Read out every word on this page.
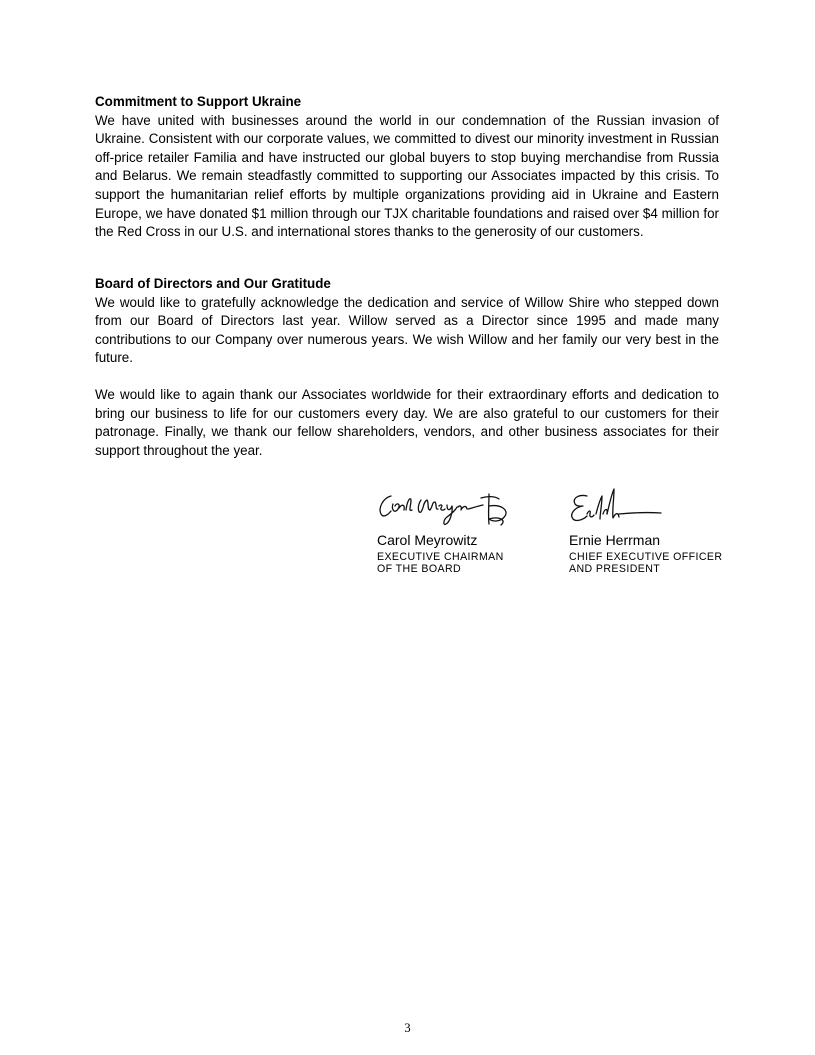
Commitment to Support Ukraine

We have united with businesses around the world in our condemnation of the Russian invasion of Ukraine. Consistent with our corporate values, we committed to divest our minority investment in Russian off-price retailer Familia and have instructed our global buyers to stop buying merchandise from Russia and Belarus. We remain steadfastly committed to supporting our Associates impacted by this crisis. To support the humanitarian relief efforts by multiple organizations providing aid in Ukraine and Eastern Europe, we have donated $1 million through our TJX charitable foundations and raised over $4 million for the Red Cross in our U.S. and international stores thanks to the generosity of our customers.

Board of Directors and Our Gratitude

We would like to gratefully acknowledge the dedication and service of Willow Shire who stepped down from our Board of Directors last year. Willow served as a Director since 1995 and made many contributions to our Company over numerous years. We wish Willow and her family our very best in the future.

We would like to again thank our Associates worldwide for their extraordinary efforts and dedication to bring our business to life for our customers every day. We are also grateful to our customers for their patronage. Finally, we thank our fellow shareholders, vendors, and other business associates for their support throughout the year.

Carol Meyrowitz
EXECUTIVE CHAIRMAN
OF THE BOARD
Ernie Herrman
CHIEF EXECUTIVE OFFICER
AND PRESIDENT
3
